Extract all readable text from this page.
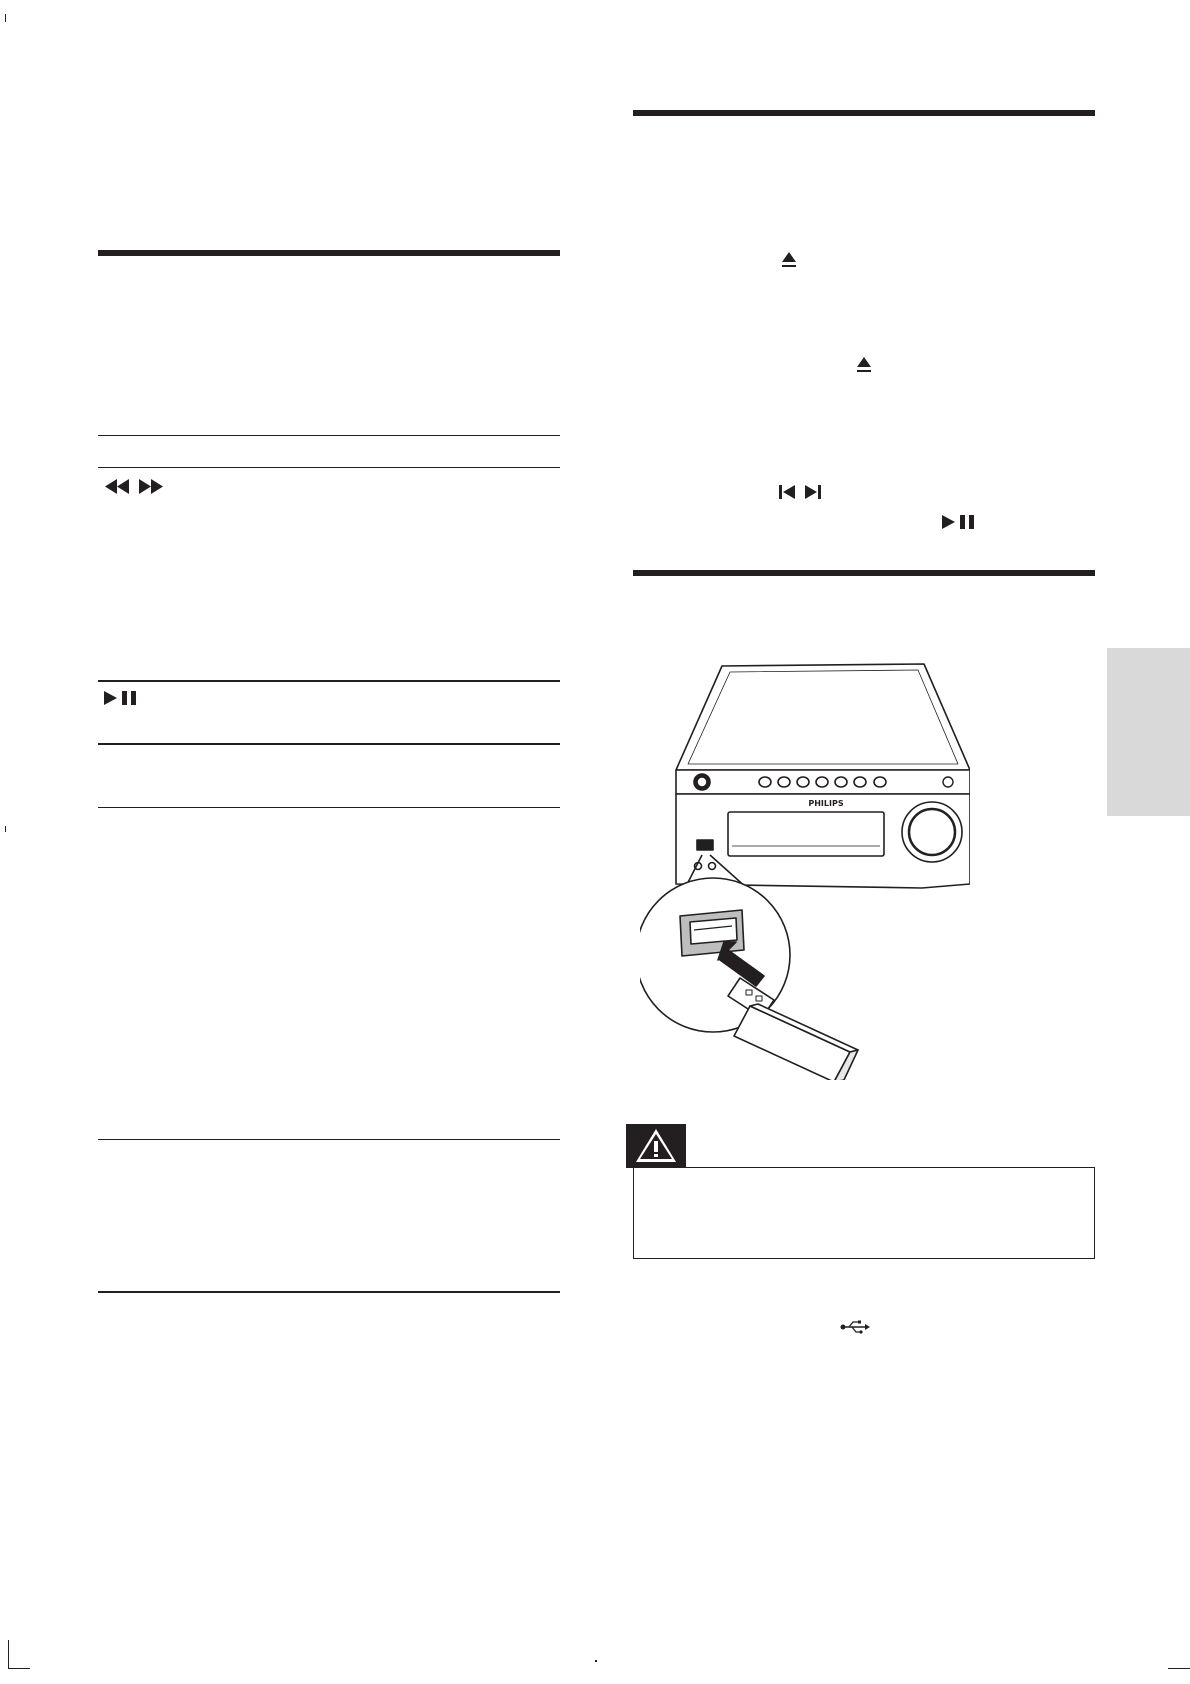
PHILIPS
